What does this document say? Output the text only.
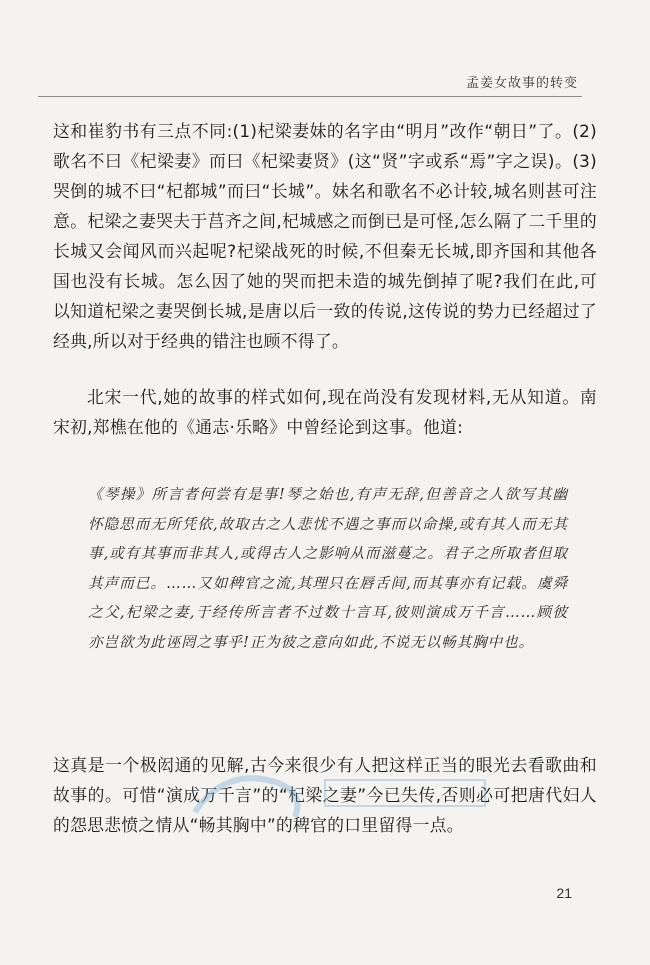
孟姜女故事的转变

这和崔豹书有三点不同:(1)杞梁妻妹的名字由“明月”改作“朝日”了。(2)歌名不曰《杞梁妻》而曰《杞梁妻贤》(这“贤”字或系“焉”字之误)。(3)哭倒的城不曰“杞都城”而曰“长城”。妹名和歌名不必计较,城名则甚可注意。杞梁之妻哭夫于莒齐之间,杞城感之而倒已是可怪,怎么隔了二千里的长城又会闻风而兴起呢?杞梁战死的时候,不但秦无长城,即齐国和其他各国也没有长城。怎么因了她的哭而把未造的城先倒掉了呢?我们在此,可以知道杞梁之妻哭倒长城,是唐以后一致的传说,这传说的势力已经超过了经典,所以对于经典的错注也顾不得了。

北宋一代,她的故事的样式如何,现在尚没有发现材料,无从知道。南宋初,郑樵在他的《通志·乐略》中曾经论到这事。他道:

《琴操》所言者何尝有是事!琴之始也,有声无辞,但善音之人欲写其幽怀隐思而无所凭依,故取古之人悲忧不遇之事而以命操,或有其人而无其事,或有其事而非其人,或得古人之影响从而滋蔓之。君子之所取者但取其声而已。……又如稗官之流,其理只在唇舌间,而其事亦有记载。虞舜之父,杞梁之妻,于经传所言者不过数十言耳,彼则演成万千言……顾彼亦岂欲为此诬罔之事乎!正为彼之意向如此,不说无以畅其胸中也。

这真是一个极闳通的见解,古今来很少有人把这样正当的眼光去看歌曲和故事的。可惜“演成万千言”的“杞梁之妻”今已失传,否则必可把唐代妇人的怨思悲愤之情从“畅其胸中”的稗官的口里留得一点。

21
